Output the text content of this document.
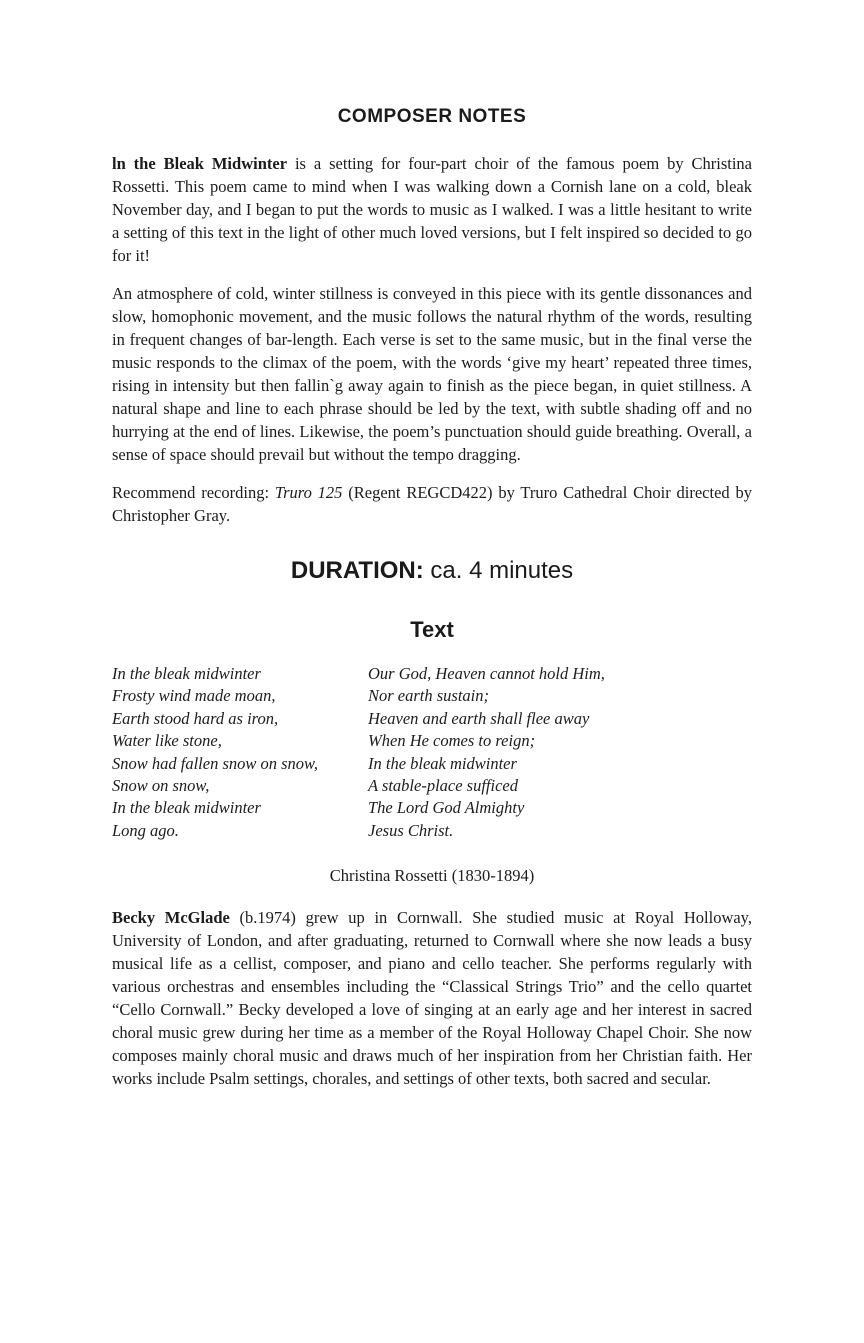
COMPOSER NOTES

ln the Bleak Midwinter is a setting for four-part choir of the famous poem by Christina Rossetti. This poem came to mind when I was walking down a Cornish lane on a cold, bleak November day, and I began to put the words to music as I walked. I was a little hesitant to write a setting of this text in the light of other much loved versions, but I felt inspired so decided to go for it!

An atmosphere of cold, winter stillness is conveyed in this piece with its gentle dissonances and slow, homophonic movement, and the music follows the natural rhythm of the words, resulting in frequent changes of bar-length. Each verse is set to the same music, but in the final verse the music responds to the climax of the poem, with the words ‘give my heart’ repeated three times, rising in intensity but then fallin`g away again to finish as the piece began, in quiet stillness. A natural shape and line to each phrase should be led by the text, with subtle shading off and no hurrying at the end of lines. Likewise, the poem’s punctuation should guide breathing. Overall, a sense of space should prevail but without the tempo dragging.

Recommend recording: Truro 125 (Regent REGCD422) by Truro Cathedral Choir directed by Christopher Gray.

DURATION: ca. 4 minutes
Text
In the bleak midwinter
Frosty wind made moan,
Earth stood hard as iron,
Water like stone,
Snow had fallen snow on snow,
Snow on snow,
In the bleak midwinter
Long ago.
Our God, Heaven cannot hold Him,
Nor earth sustain;
Heaven and earth shall flee away
When He comes to reign;
In the bleak midwinter
A stable-place sufficed
The Lord God Almighty
Jesus Christ.
Christina Rossetti (1830-1894)

Becky McGlade (b.1974) grew up in Cornwall. She studied music at Royal Holloway, University of London, and after graduating, returned to Cornwall where she now leads a busy musical life as a cellist, composer, and piano and cello teacher. She performs regularly with various orchestras and ensembles including the “Classical Strings Trio” and the cello quartet “Cello Cornwall.” Becky developed a love of singing at an early age and her interest in sacred choral music grew during her time as a member of the Royal Holloway Chapel Choir. She now composes mainly choral music and draws much of her inspiration from her Christian faith. Her works include Psalm settings, chorales, and settings of other texts, both sacred and secular.
